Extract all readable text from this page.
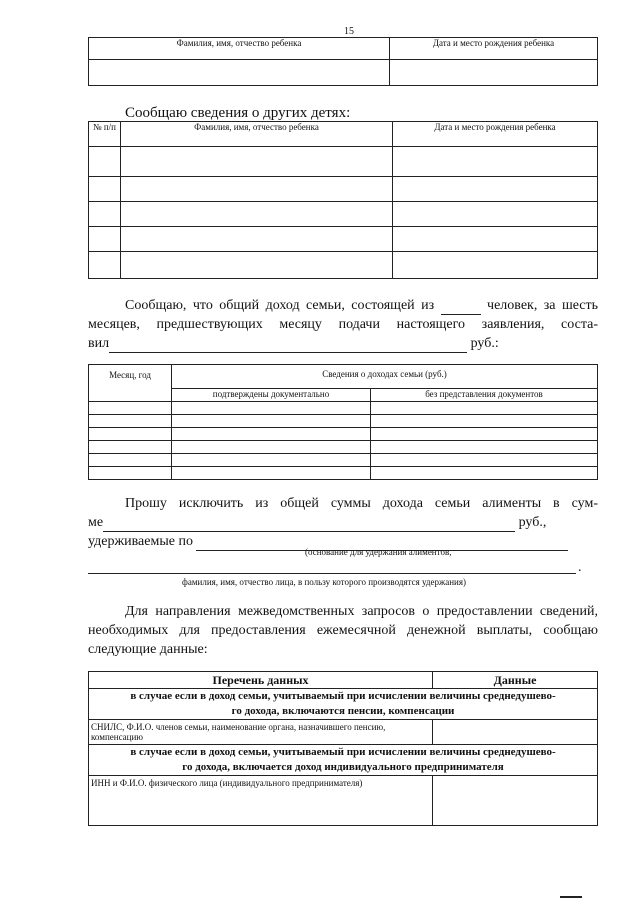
15
Фамилия, имя, отчество ребенка	Дата и место рождения ребенка

Сообщаю сведения о других детях:
№ п/п	Фамилия, имя, отчество ребенка	Дата и место рождения ребенка

Сообщаю, что общий доход семьи, состоящей из	человек, за шесть
месяцев, предшествующих месяцу подачи настоящего заявления, соста-
вил	руб.:
Месяц, год	Сведения о доходах семьи (руб.)	
	подтверждены документально	без представления документов

Прошу исключить из общей суммы дохода семьи алименты в сум-
ме	руб.,
удерживаемые по
(основание для удержания алиментов,
.
фамилия, имя, отчество лица, в пользу которого производятся удержания)
Для направления межведомственных запросов о предоставлении сведений,
необходимых для предоставления ежемесячной денежной выплаты, сообщаю
следующие данные:
Перечень данных	Данные

в случае если в доход семьи, учитываемый при исчислении величины среднедушево-
го дохода, включаются пенсии, компенсации	

СНИЛС, Ф.И.О. членов семьи, наименование органа, назначившего пенсию, компенсацию	

в случае если в доход семьи, учитываемый при исчислении величины среднедушево-
го дохода, включается доход индивидуального предпринимателя	

ИНН и Ф.И.О. физического лица (индивидуального предпринимателя)	
